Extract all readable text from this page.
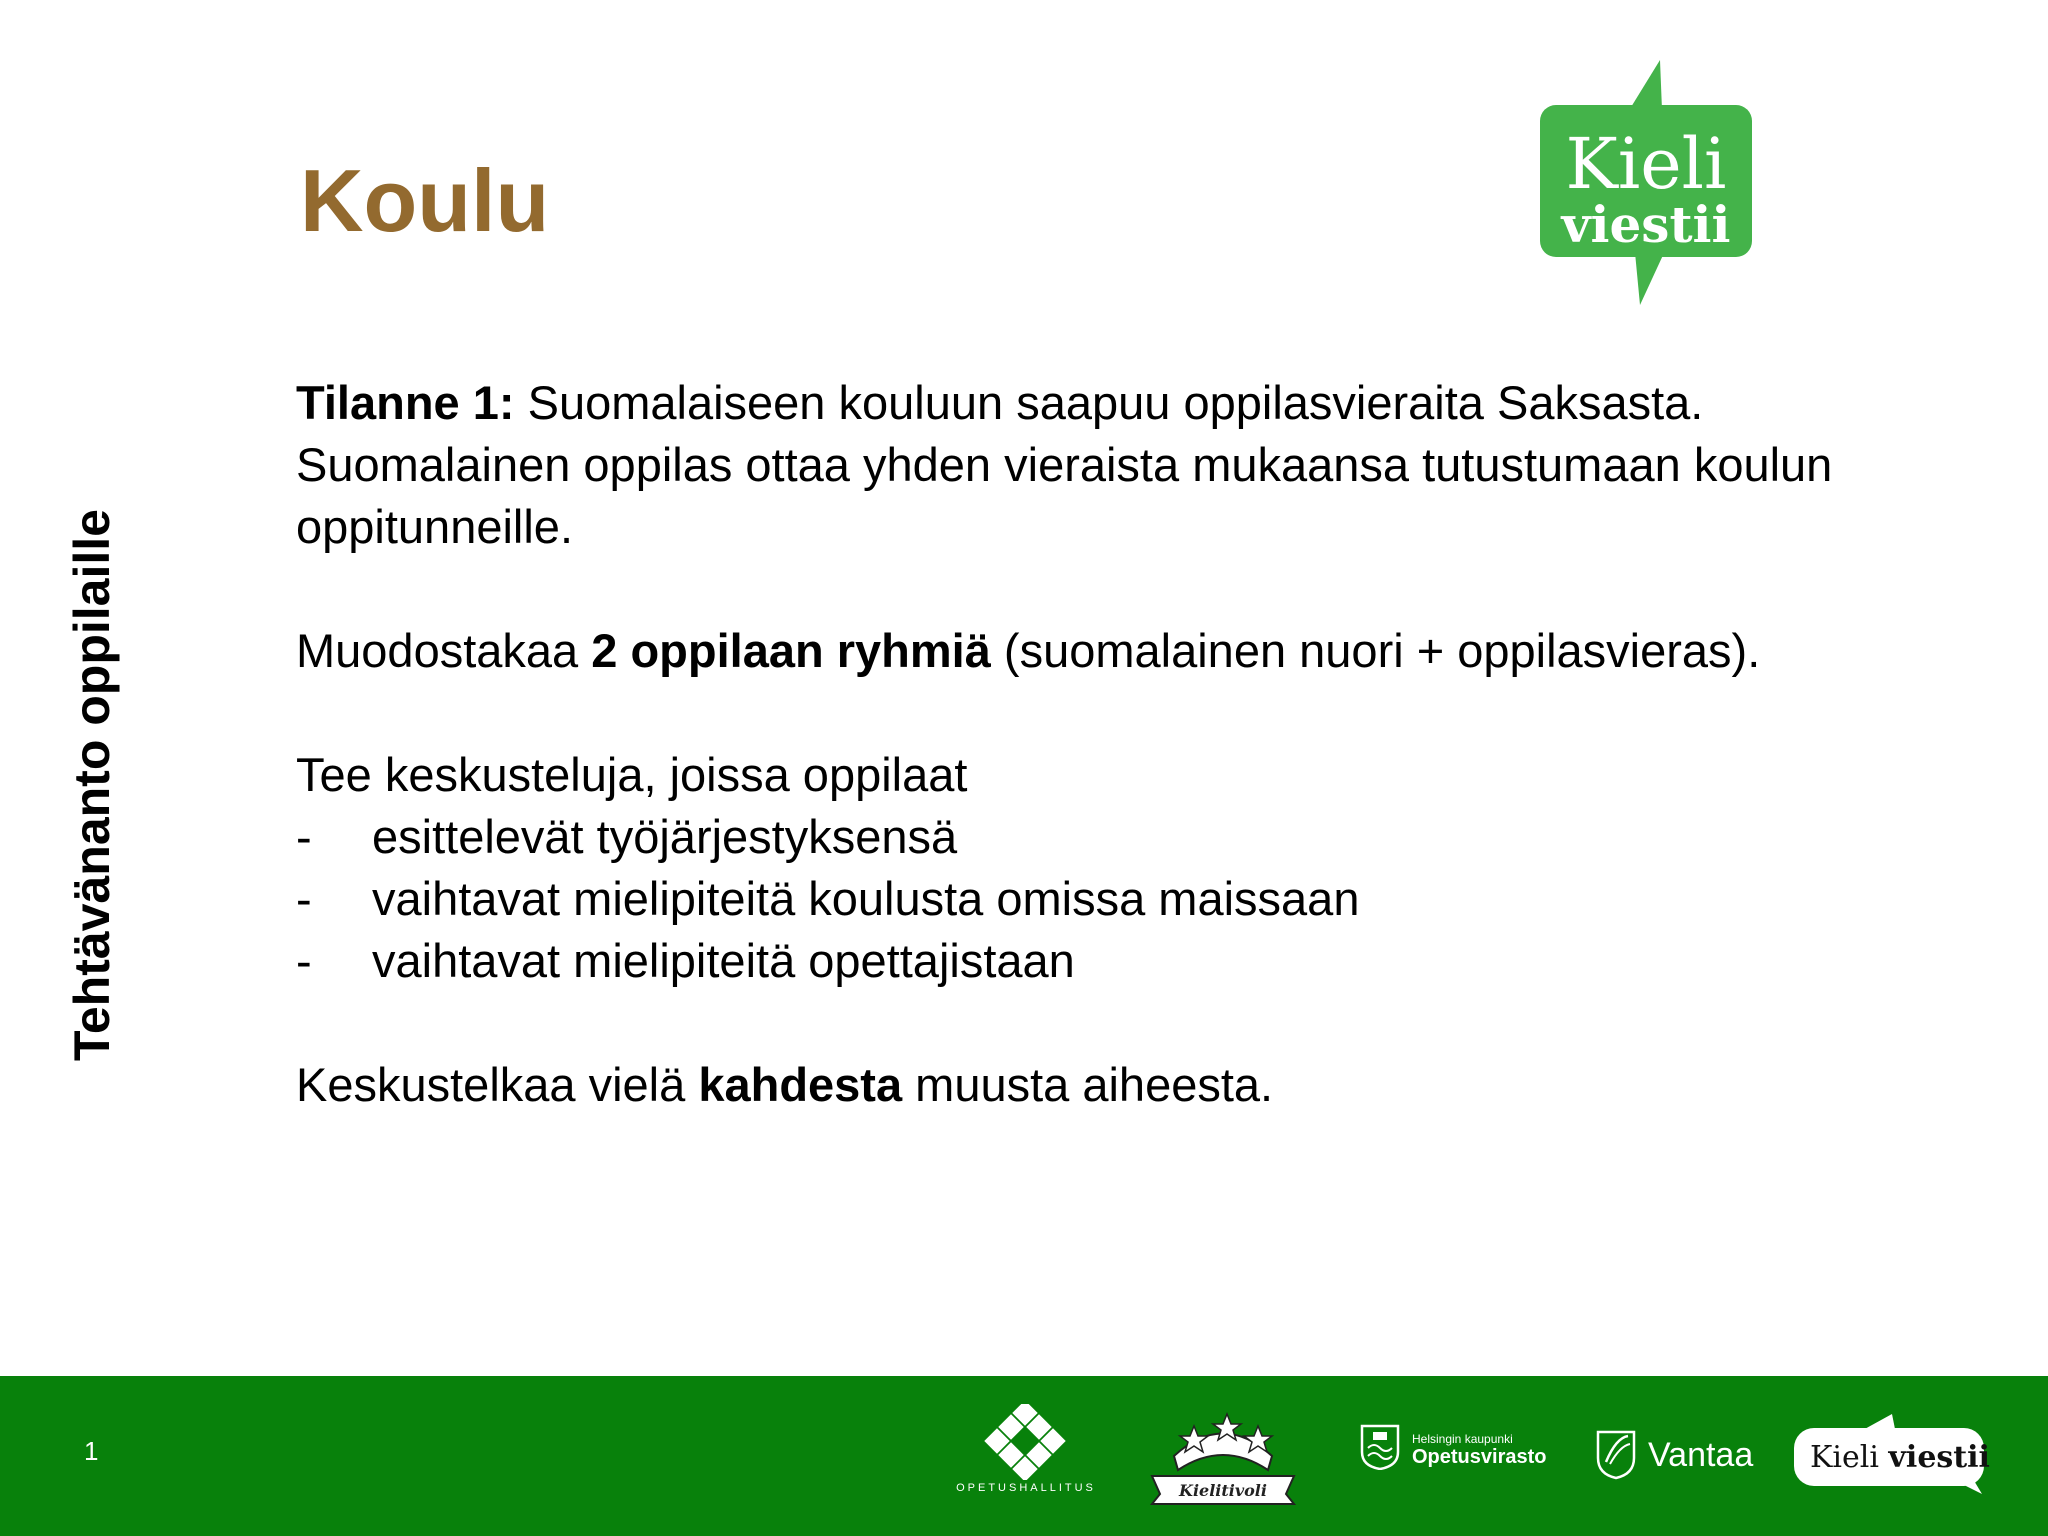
Tehtävänanto oppilaille
Koulu	Kieli
viestii
Tilanne 1: Suomalaiseen kouluun saapuu oppilasvieraita Saksasta. Suomalainen oppilas ottaa yhden vieraista mukaansa tutustumaan koulun oppitunneille.
Muodostakaa 2 oppilaan ryhmiä (suomalainen nuori + oppilasvieras).
Tee keskusteluja, joissa oppilaat
-	esittelevät työjärjestyksensä
-	vaihtavat mielipiteitä koulusta omissa maissaan
-	vaihtavat mielipiteitä opettajistaan
Keskustelkaa vielä kahdesta muusta aiheesta.
1
OPETUSHALLITUS	Kielitivoli
Helsingin kaupunki
Opetusvirasto	Vantaa Kieli viestii
